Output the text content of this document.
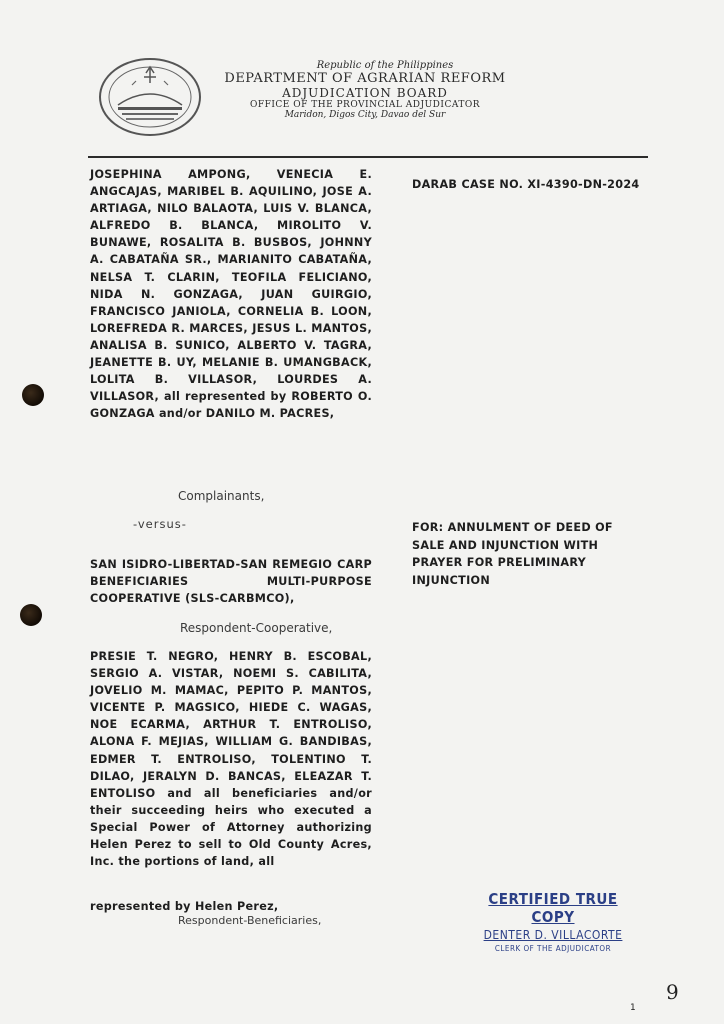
Republic of the Philippines
DEPARTMENT OF AGRARIAN REFORM
ADJUDICATION BOARD
OFFICE OF THE PROVINCIAL ADJUDICATOR
Maridon, Digos City, Davao del Sur
JOSEPHINA AMPONG, VENECIA E. ANGCAJAS, MARIBEL B. AQUILINO, JOSE A. ARTIAGA, NILO BALAOTA, LUIS V. BLANCA, ALFREDO B. BLANCA, MIROLITO V. BUNAWE, ROSALITA B. BUSBOS, JOHNNY A. CABATAÑA SR., MARIANITO CABATAÑA, NELSA T. CLARIN, TEOFILA FELICIANO, NIDA N. GONZAGA, JUAN GUIRGIO, FRANCISCO JANIOLA, CORNELIA B. LOON, LOREFREDA R. MARCES, JESUS L. MANTOS, ANALISA B. SUNICO, ALBERTO V. TAGRA, JEANETTE B. UY, MELANIE B. UMANGBACK, LOLITA B. VILLASOR, LOURDES A. VILLASOR, all represented by ROBERTO O. GONZAGA and/or DANILO M. PACRES,
Complainants,
-versus-
SAN ISIDRO-LIBERTAD-SAN REMEGIO CARP BENEFICIARIES MULTI-PURPOSE COOPERATIVE (SLS-CARBMCO),
Respondent-Cooperative,
PRESIE T. NEGRO, HENRY B. ESCOBAL, SERGIO A. VISTAR, NOEMI S. CABILITA, JOVELIO M. MAMAC, PEPITO P. MANTOS, VICENTE P. MAGSICO, HIEDE C. WAGAS, NOE ECARMA, ARTHUR T. ENTROLISO, ALONA F. MEJIAS, WILLIAM G. BANDIBAS, EDMER T. ENTROLISO, TOLENTINO T. DILAO, JERALYN D. BANCAS, ELEAZAR T. ENTOLISO and all beneficiaries and/or their succeeding heirs who executed a Special Power of Attorney authorizing Helen Perez to sell to Old County Acres, Inc. the portions of land, all
represented by Helen Perez,
Respondent-Beneficiaries,
DARAB CASE NO. XI-4390-DN-2024
FOR: ANNULMENT OF DEED OF SALE AND INJUNCTION WITH PRAYER FOR PRELIMINARY INJUNCTION
CERTIFIED TRUE COPY
DENTER D. VILLACORTE
CLERK OF THE ADJUDICATOR
1
9
